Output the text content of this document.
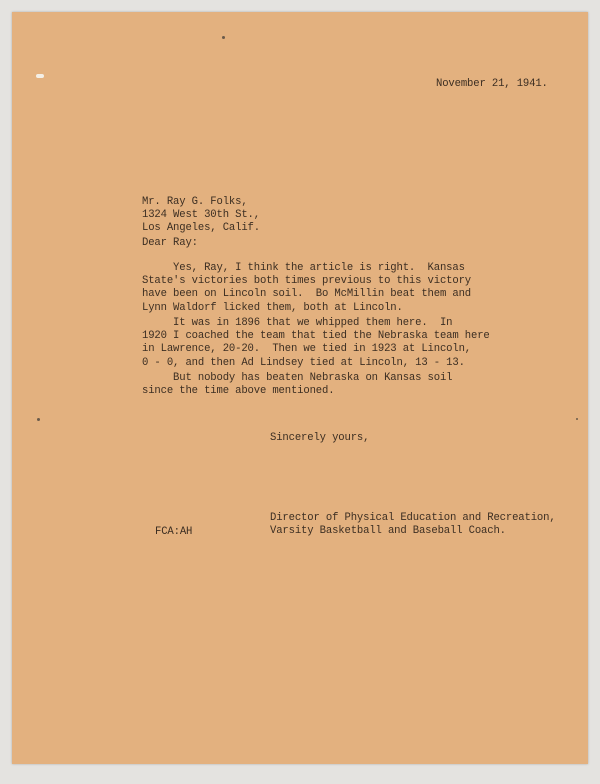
November 21, 1941.
Mr. Ray G. Folks,
1324 West 30th St.,
Los Angeles, Calif.
Dear Ray:
Yes, Ray, I think the article is right.  Kansas
State's victories both times previous to this victory
have been on Lincoln soil.  Bo McMillin beat them and
Lynn Waldorf licked them, both at Lincoln.
It was in 1896 that we whipped them here.  In
1920 I coached the team that tied the Nebraska team here
in Lawrence, 20-20.  Then we tied in 1923 at Lincoln,
0 - 0, and then Ad Lindsey tied at Lincoln, 13 - 13.
But nobody has beaten Nebraska on Kansas soil
since the time above mentioned.
Sincerely yours,
Director of Physical Education and Recreation,
Varsity Basketball and Baseball Coach.
FCA:AH
